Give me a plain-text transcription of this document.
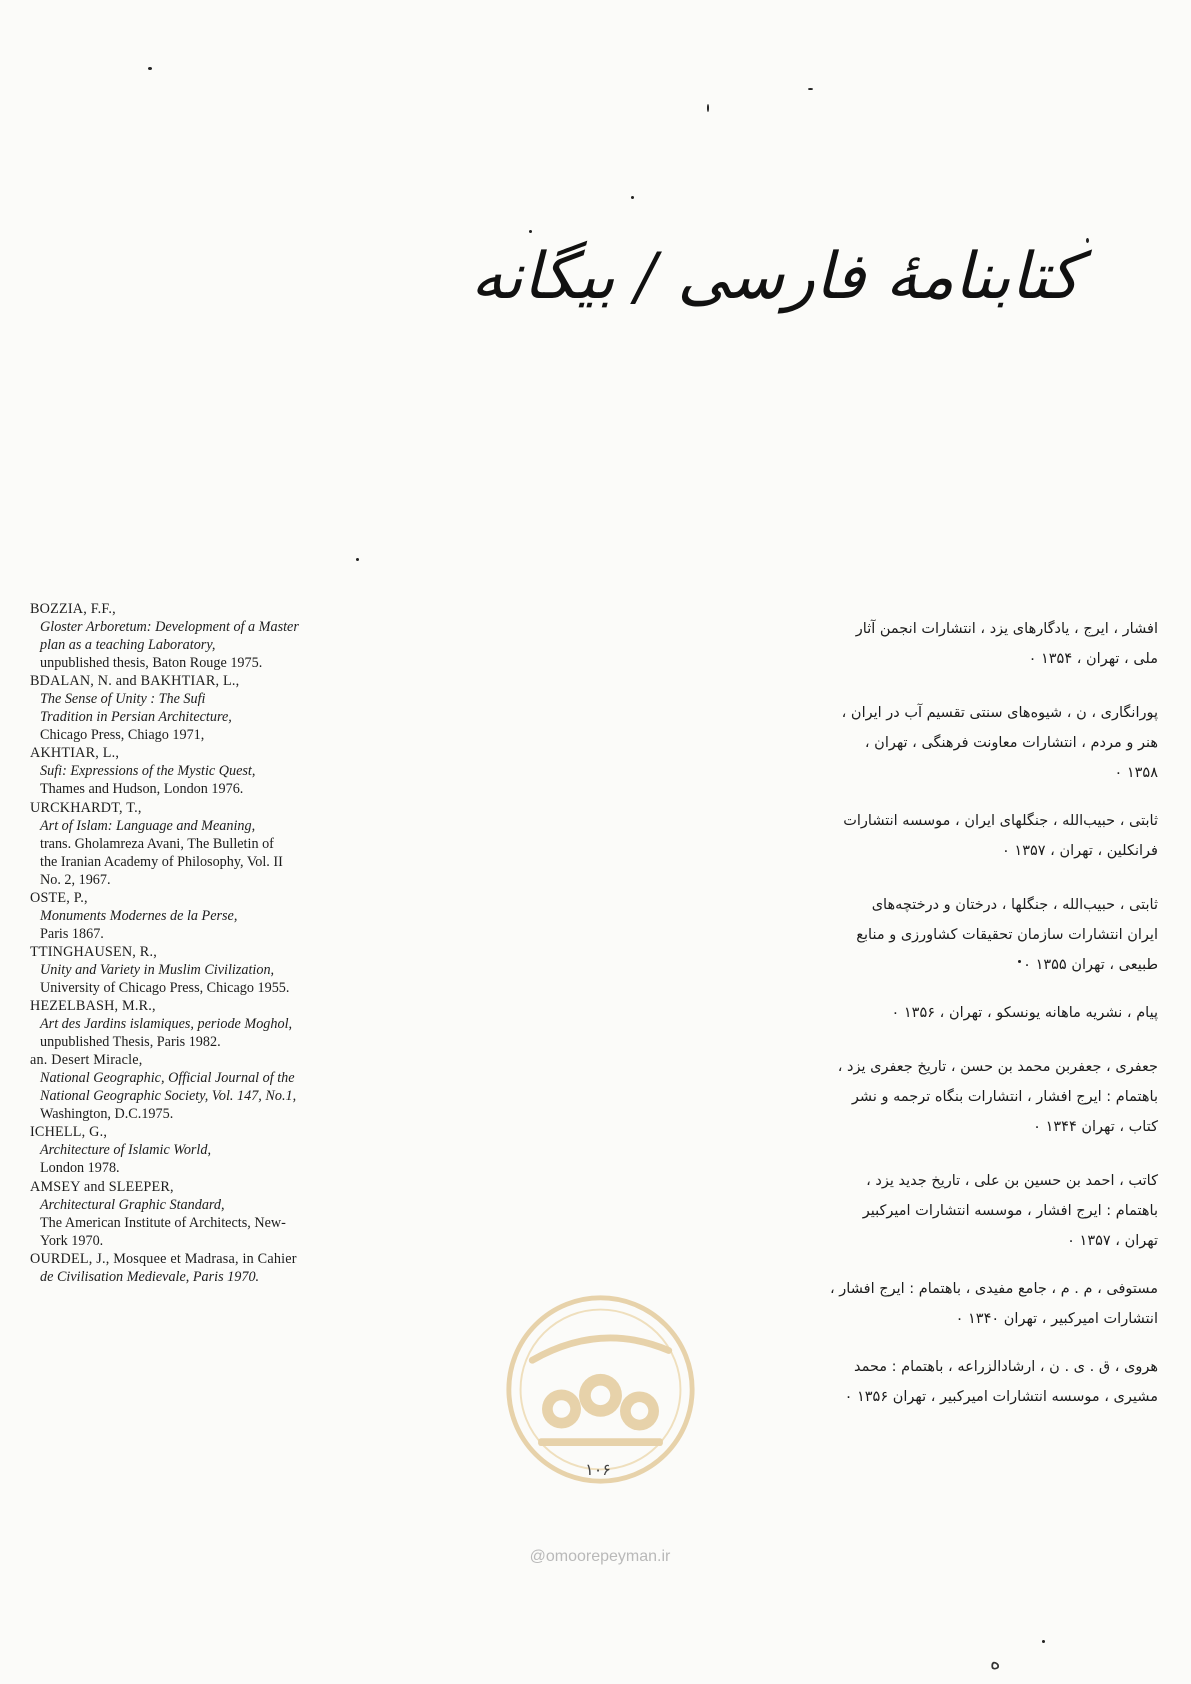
کتابنامهٔ فارسی / بیگانه
BOZZIA, F.F.,
Gloster Arboretum: Development of a Master
plan as a teaching Laboratory,
unpublished thesis, Baton Rouge 1975.
BDALAN, N. and BAKHTIAR, L.,
The Sense of Unity : The Sufi
Tradition in Persian Architecture,
Chicago Press, Chiago 1971,
AKHTIAR, L.,
Sufi: Expressions of the Mystic Quest,
Thames and Hudson, London 1976.
URCKHARDT, T.,
Art of Islam: Language and Meaning,
trans. Gholamreza Avani, The Bulletin of
the Iranian Academy of Philosophy, Vol. II
No. 2, 1967.
OSTE, P.,
Monuments Modernes de la Perse,
Paris 1867.
TTINGHAUSEN, R.,
Unity and Variety in Muslim Civilization,
University of Chicago Press, Chicago 1955.
HEZELBASH, M.R.,
Art des Jardins islamiques, periode Moghol,
unpublished Thesis, Paris 1982.
an. Desert Miracle,
National Geographic, Official Journal of the
National Geographic Society, Vol. 147, No.1,
Washington, D.C.1975.
ICHELL, G.,
Architecture of Islamic World,
London 1978.
AMSEY and SLEEPER,
Architectural Graphic Standard,
The American Institute of Architects, New-
York 1970.
OURDEL, J., Mosquee et Madrasa, in Cahier
de Civilisation Medievale, Paris 1970.
افشار ، ایرج ، یادگارهای یزد ، انتشارات انجمن آثار
ملی ، تهران ، ۱۳۵۴ ۰
پورانگاری ، ن ، شیوه‌های سنتی تقسیم آب در ایران ،
هنر و مردم ، انتشارات معاونت فرهنگی ، تهران ،
۱۳۵۸ ۰
ثابتی ، حبیب‌الله ، جنگلهای ایران ، موسسه انتشارات
فرانکلین ، تهران ، ۱۳۵۷ ۰
ثابتی ، حبیب‌الله ، جنگلها ، درختان و درختچه‌های
ایران انتشارات سازمان تحقیقات کشاورزی و منابع
طبیعی ، تهران ۱۳۵۵ ۰
پیام ، نشریه ماهانه یونسکو ، تهران ، ۱۳۵۶ ۰
جعفری ، جعفربن محمد بن حسن ، تاریخ جعفری یزد ،
باهتمام : ایرج افشار ، انتشارات بنگاه ترجمه و نشر
کتاب ، تهران ۱۳۴۴ ۰
کاتب ، احمد بن حسین بن علی ، تاریخ جدید یزد ،
باهتمام : ایرج افشار ، موسسه انتشارات امیرکبیر
تهران ، ۱۳۵۷ ۰
مستوفی ، م . م ، جامع مفیدی ، باهتمام : ایرج افشار ،
انتشارات امیرکبیر ، تهران ۱۳۴۰ ۰
هروی ، ق . ی . ن ، ارشادالزراعه ، باهتمام : محمد
مشیری ، موسسه انتشارات امیرکبیر ، تهران ۱۳۵۶ ۰
@omoorepeyman.ir
۱۰۶
ه
